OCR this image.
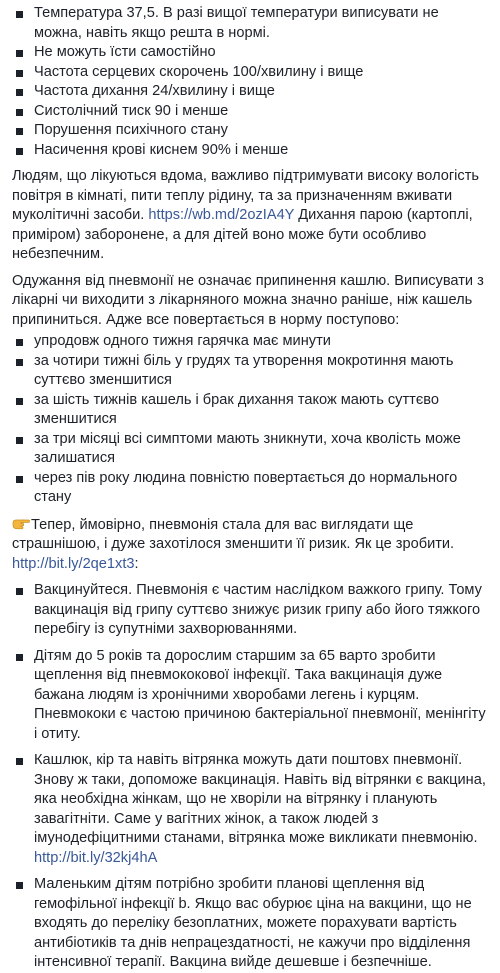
Температура 37,5. В разі вищої температури виписувати не можна, навіть якщо решта в нормі.
Не можуть їсти самостійно
Частота серцевих скорочень 100/хвилину і вище
Частота дихання 24/хвилину і вище
Систолічний тиск 90 і менше
Порушення психічного стану
Насичення крові киснем 90% і менше

Людям, що лікуються вдома, важливо підтримувати високу вологість повітря в кімнаті, пити теплу рідину, та за призначенням вживати муколітичні засоби. https://wb.md/2ozIA4Y Дихання парою (картоплі, приміром) заборонене, а для дітей воно може бути особливо небезпечним.

Одужання від пневмонії не означає припинення кашлю. Виписувати з лікарні чи виходити з лікарняного можна значно раніше, ніж кашель припиниться. Адже все повертається в норму поступово:

упродовж одного тижня гарячка має минути
за чотири тижні біль у грудях та утворення мокротиння мають суттєво зменшитися
за шість тижнів кашель і брак дихання також мають суттєво зменшитися
за три місяці всі симптоми мають зникнути, хоча кволість може залишатися
через пів року людина повністю повертається до нормального стану

Тепер, ймовірно, пневмонія стала для вас виглядати ще страшнішою, і дуже захотілося зменшити її ризик. Як це зробити. http://bit.ly/2qe1xt3:

Вакцинуйтеся. Пневмонія є частим наслідком важкого грипу. Тому вакцинація від грипу суттєво знижує ризик грипу або його тяжкого перебігу із супутніми захворюваннями.
Дітям до 5 років та дорослим старшим за 65 варто зробити щеплення від пневмококової інфекції. Така вакцинація дуже бажана людям із хронічними хворобами легень і курцям. Пневмококи є частою причиною бактеріальної пневмонії, менінгіту і отиту.
Кашлюк, кір та навіть вітрянка можуть дати поштовх пневмонії. Знову ж таки, допоможе вакцинація. Навіть від вітрянки є вакцина, яка необхідна жінкам, що не хворіли на вітрянку і планують завагітніти. Саме у вагітних жінок, а також людей з імунодефіцитними станами, вітрянка може викликати пневмонію. http://bit.ly/32kj4hA
Маленьким дітям потрібно зробити планові щеплення від гемофільної інфекції b. Якщо вас обурює ціна на вакцини, що не входять до переліку безоплатних, можете порахувати вартість антибіотиків та днів непрацездатності, не кажучи про відділення інтенсивної терапії. Вакцина вийде дешевше і безпечніше.
